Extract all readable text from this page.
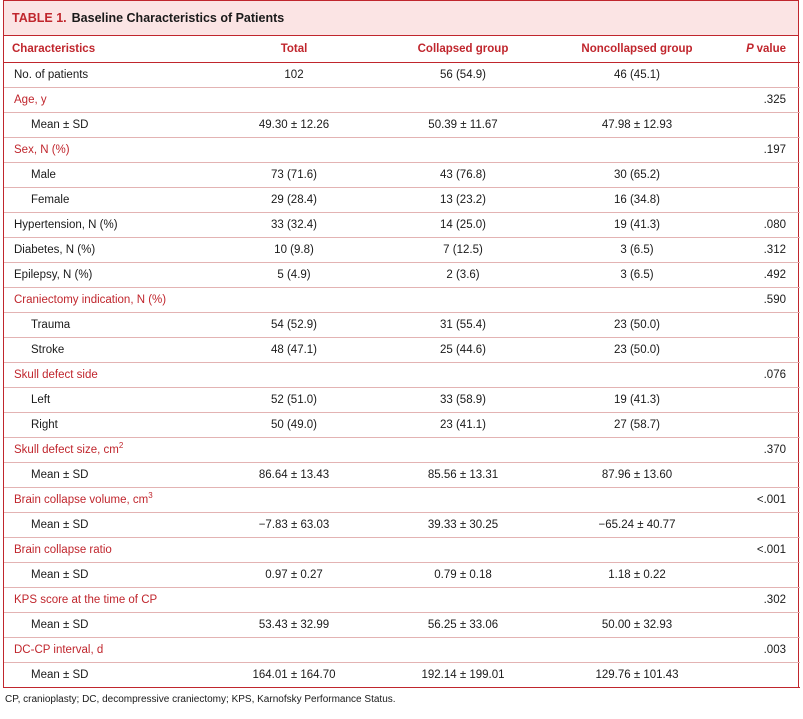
TABLE 1. Baseline Characteristics of Patients
Characteristics	Total	Collapsed group	Noncollapsed group	P value
No. of patients	102	56 (54.9)	46 (45.1)	
Age, y				.325
Mean ± SD	49.30 ± 12.26	50.39 ± 11.67	47.98 ± 12.93	
Sex, N (%)				.197
Male	73 (71.6)	43 (76.8)	30 (65.2)	
Female	29 (28.4)	13 (23.2)	16 (34.8)	
Hypertension, N (%)	33 (32.4)	14 (25.0)	19 (41.3)	.080
Diabetes, N (%)	10 (9.8)	7 (12.5)	3 (6.5)	.312
Epilepsy, N (%)	5 (4.9)	2 (3.6)	3 (6.5)	.492
Craniectomy indication, N (%)				.590
Trauma	54 (52.9)	31 (55.4)	23 (50.0)	
Stroke	48 (47.1)	25 (44.6)	23 (50.0)	
Skull defect side				.076
Left	52 (51.0)	33 (58.9)	19 (41.3)	
Right	50 (49.0)	23 (41.1)	27 (58.7)	
Skull defect size, $cm^2$				.370
Mean ± SD	86.64 ± 13.43	85.56 ± 13.31	87.96 ± 13.60	
Brain collapse volume, $cm^3$				<.001
Mean ± SD	−7.83 ± 63.03	39.33 ± 30.25	−65.24 ± 40.77	
Brain collapse ratio				<.001
Mean ± SD	0.97 ± 0.27	0.79 ± 0.18	1.18 ± 0.22	
KPS score at the time of CP				.302
Mean ± SD	53.43 ± 32.99	56.25 ± 33.06	50.00 ± 32.93	
DC-CP interval, d				.003
Mean ± SD	164.01 ± 164.70	192.14 ± 199.01	129.76 ± 101.43	
CP, cranioplasty; DC, decompressive craniectomy; KPS, Karnofsky Performance Status.
